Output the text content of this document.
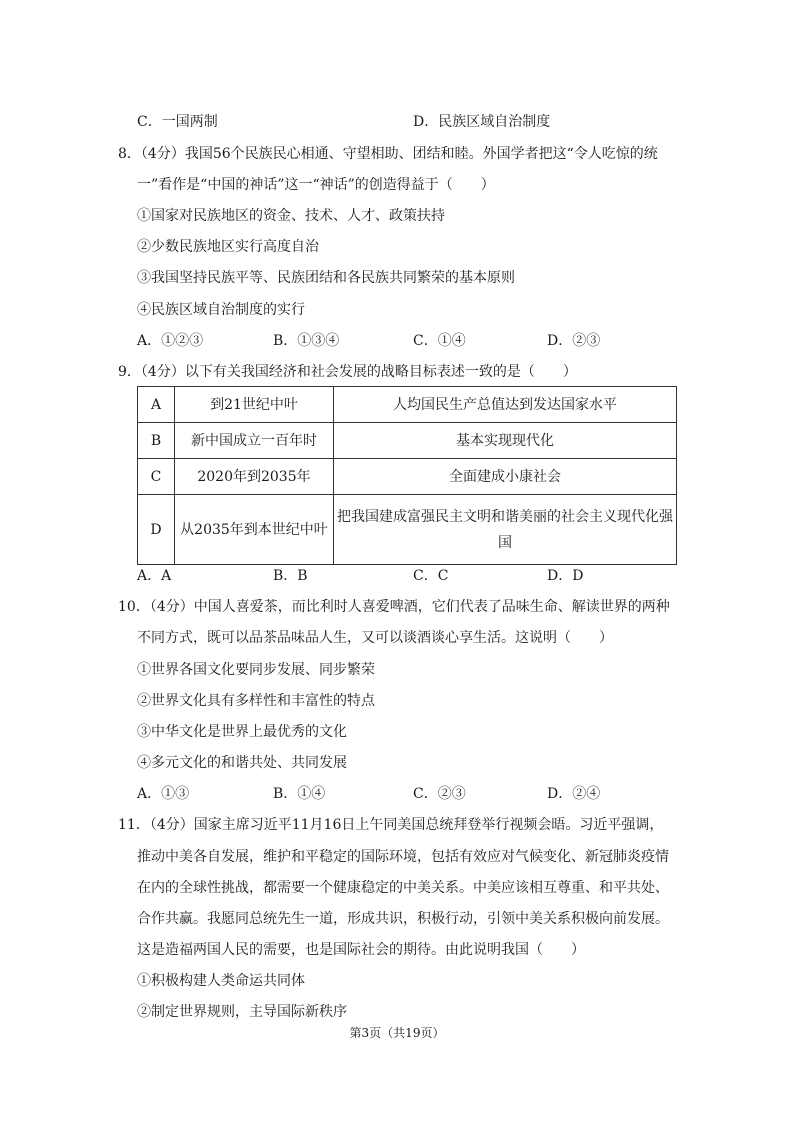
C．一国两制	D．民族区域自治制度
8．（4分）我国56个民族民心相通、守望相助、团结和睦。外国学者把这“令人吃惊的统
一”看作是“中国的神话”这一“神话”的创造得益于（　　）
①国家对民族地区的资金、技术、人才、政策扶持
②少数民族地区实行高度自治
③我国坚持民族平等、民族团结和各民族共同繁荣的基本原则
④民族区域自治制度的实行
A．①②③	B．①③④	C．①④	D．②③
9．（4分）以下有关我国经济和社会发展的战略目标表述一致的是（　　）
A	到21世纪中叶	人均国民生产总值达到发达国家水平
B	新中国成立一百年时	基本实现现代化
C	2020年到2035年	全面建成小康社会
D	从2035年到本世纪中叶	把我国建成富强民主文明和谐美丽的社会主义现代化强国
A．A	B．B	C．C	D．D
10．（4分）中国人喜爱茶，而比利时人喜爱啤酒，它们代表了品味生命、解读世界的两种
不同方式，既可以品茶品味品人生，又可以谈酒谈心享生活。这说明（　　）
①世界各国文化要同步发展、同步繁荣
②世界文化具有多样性和丰富性的特点
③中华文化是世界上最优秀的文化
④多元文化的和谐共处、共同发展
A．①③	B．①④	C．②③	D．②④
11．（4分）国家主席习近平11月16日上午同美国总统拜登举行视频会晤。习近平强调，
推动中美各自发展，维护和平稳定的国际环境，包括有效应对气候变化、新冠肺炎疫情
在内的全球性挑战，都需要一个健康稳定的中美关系。中美应该相互尊重、和平共处、
合作共赢。我愿同总统先生一道，形成共识，积极行动，引领中美关系积极向前发展。
这是造福两国人民的需要，也是国际社会的期待。由此说明我国（　　）
①积极构建人类命运共同体
②制定世界规则，主导国际新秩序
第3页（共19页）
